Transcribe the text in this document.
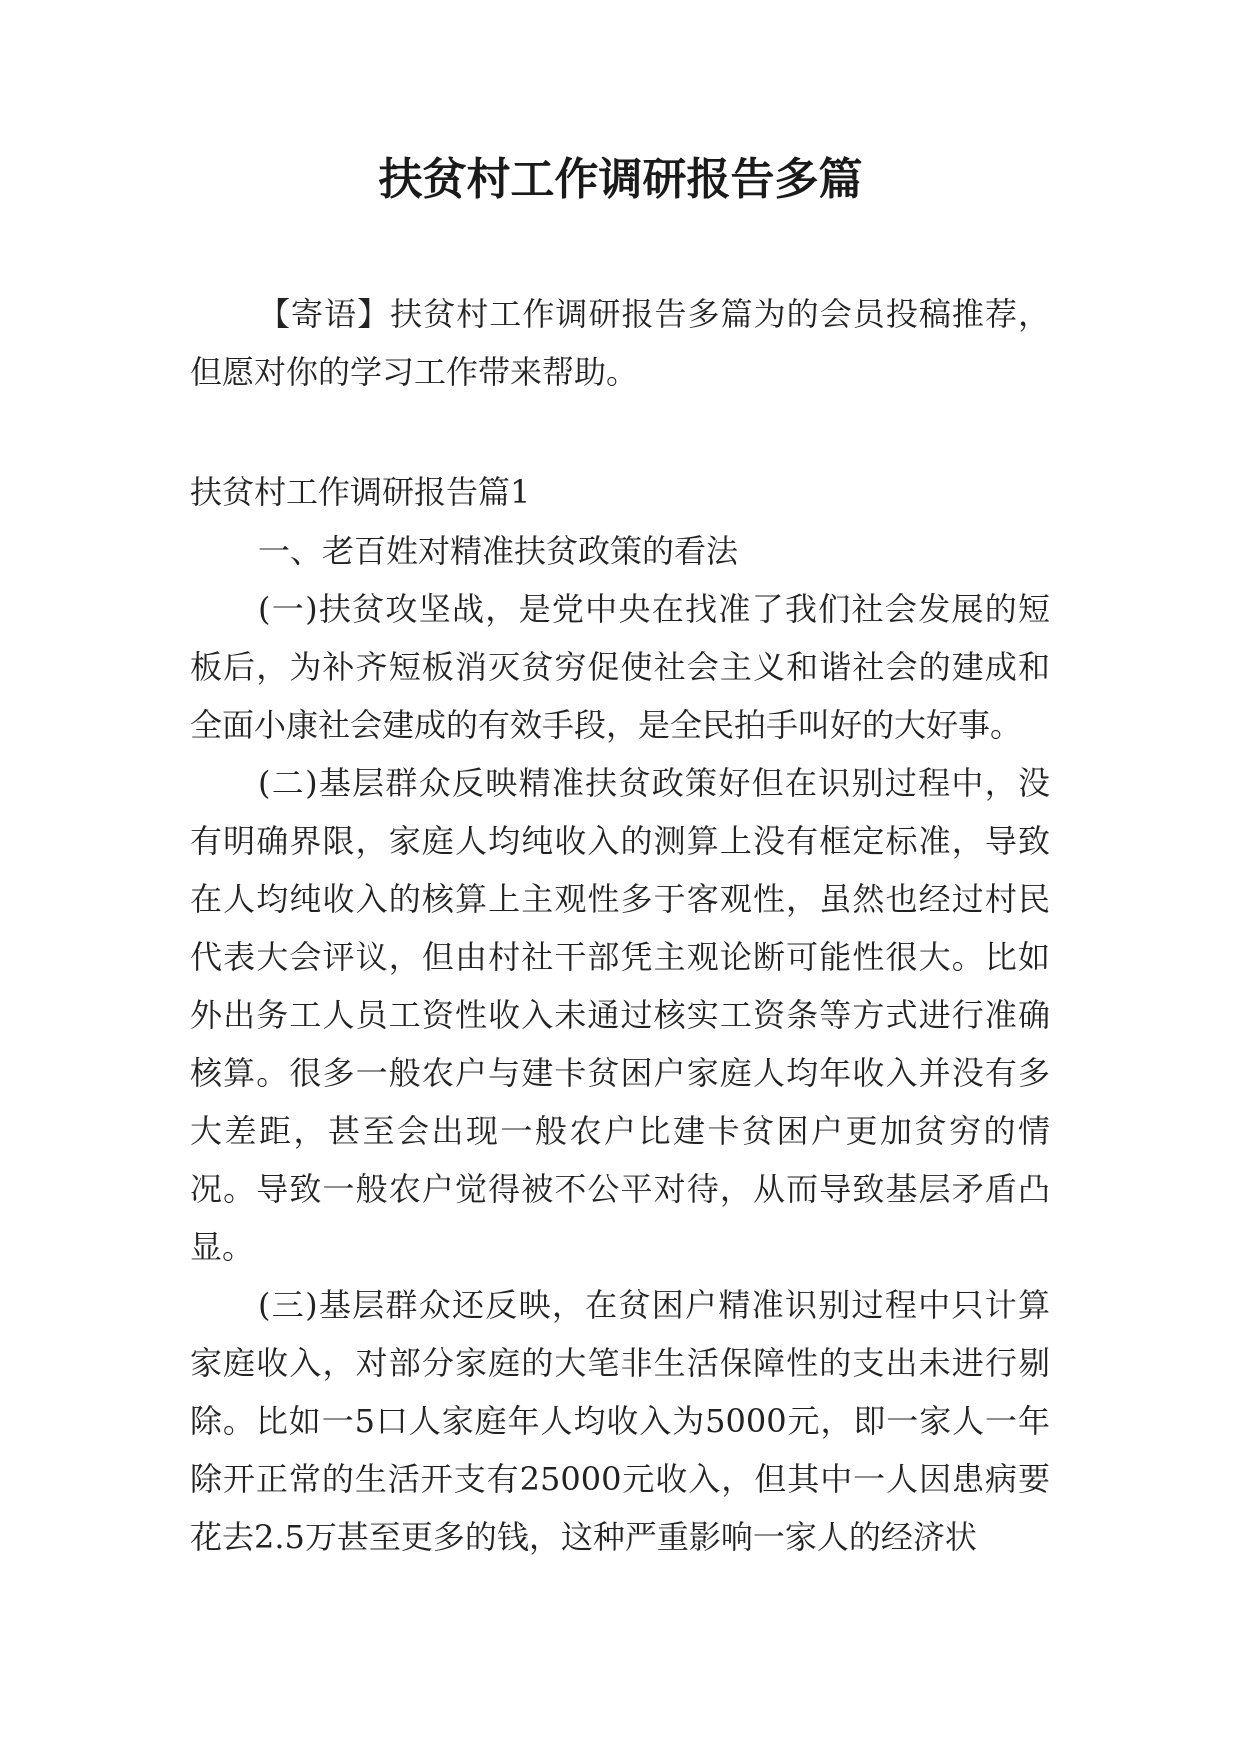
扶贫村工作调研报告多篇

【寄语】扶贫村工作调研报告多篇为的会员投稿推荐，但愿对你的学习工作带来帮助。

扶贫村工作调研报告篇1

一、老百姓对精准扶贫政策的看法

(一)扶贫攻坚战，是党中央在找准了我们社会发展的短板后，为补齐短板消灭贫穷促使社会主义和谐社会的建成和全面小康社会建成的有效手段，是全民拍手叫好的大好事。

(二)基层群众反映精准扶贫政策好但在识别过程中，没有明确界限，家庭人均纯收入的测算上没有框定标准，导致在人均纯收入的核算上主观性多于客观性，虽然也经过村民代表大会评议，但由村社干部凭主观论断可能性很大。比如外出务工人员工资性收入未通过核实工资条等方式进行准确核算。很多一般农户与建卡贫困户家庭人均年收入并没有多大差距，甚至会出现一般农户比建卡贫困户更加贫穷的情况。导致一般农户觉得被不公平对待，从而导致基层矛盾凸显。

(三)基层群众还反映，在贫困户精准识别过程中只计算家庭收入，对部分家庭的大笔非生活保障性的支出未进行剔除。比如一5口人家庭年人均收入为5000元，即一家人一年除开正常的生活开支有25000元收入，但其中一人因患病要花去2.5万甚至更多的钱，这种严重影响一家人的经济状
